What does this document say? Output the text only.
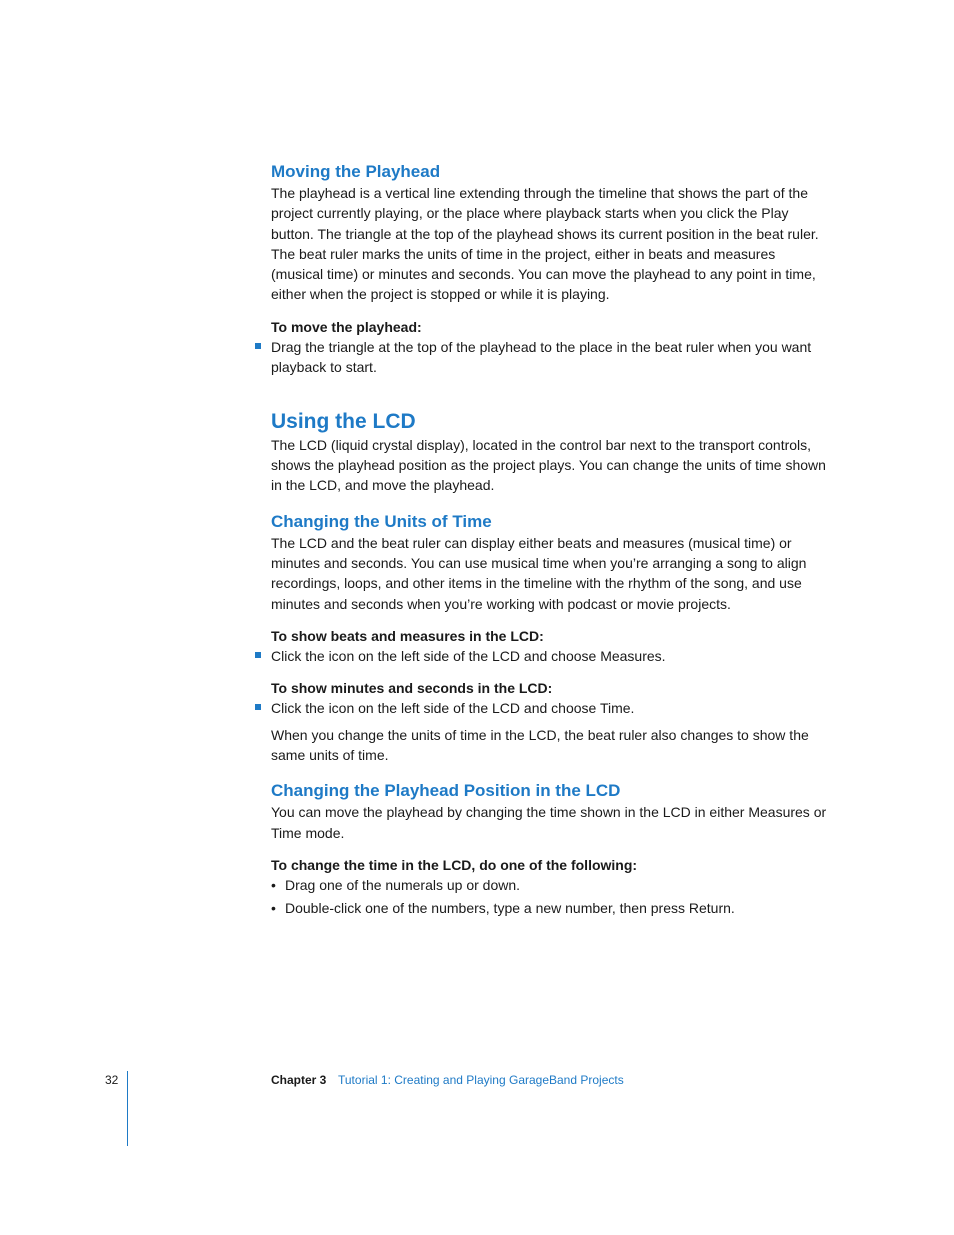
Moving the Playhead

The playhead is a vertical line extending through the timeline that shows the part of the project currently playing, or the place where playback starts when you click the Play button. The triangle at the top of the playhead shows its current position in the beat ruler. The beat ruler marks the units of time in the project, either in beats and measures (musical time) or minutes and seconds. You can move the playhead to any point in time, either when the project is stopped or while it is playing.

To move the playhead:

Drag the triangle at the top of the playhead to the place in the beat ruler when you want playback to start.
Using the LCD

The LCD (liquid crystal display), located in the control bar next to the transport controls, shows the playhead position as the project plays. You can change the units of time shown in the LCD, and move the playhead.

Changing the Units of Time

The LCD and the beat ruler can display either beats and measures (musical time) or minutes and seconds. You can use musical time when you’re arranging a song to align recordings, loops, and other items in the timeline with the rhythm of the song, and use minutes and seconds when you’re working with podcast or movie projects.

To show beats and measures in the LCD:

Click the icon on the left side of the LCD and choose Measures.

To show minutes and seconds in the LCD:

Click the icon on the left side of the LCD and choose Time.

When you change the units of time in the LCD, the beat ruler also changes to show the same units of time.

Changing the Playhead Position in the LCD

You can move the playhead by changing the time shown in the LCD in either Measures or Time mode.

To change the time in the LCD, do one of the following:

• Drag one of the numerals up or down.
• Double-click one of the numbers, type a new number, then press Return.
32	Chapter 3 Tutorial 1: Creating and Playing GarageBand Projects
